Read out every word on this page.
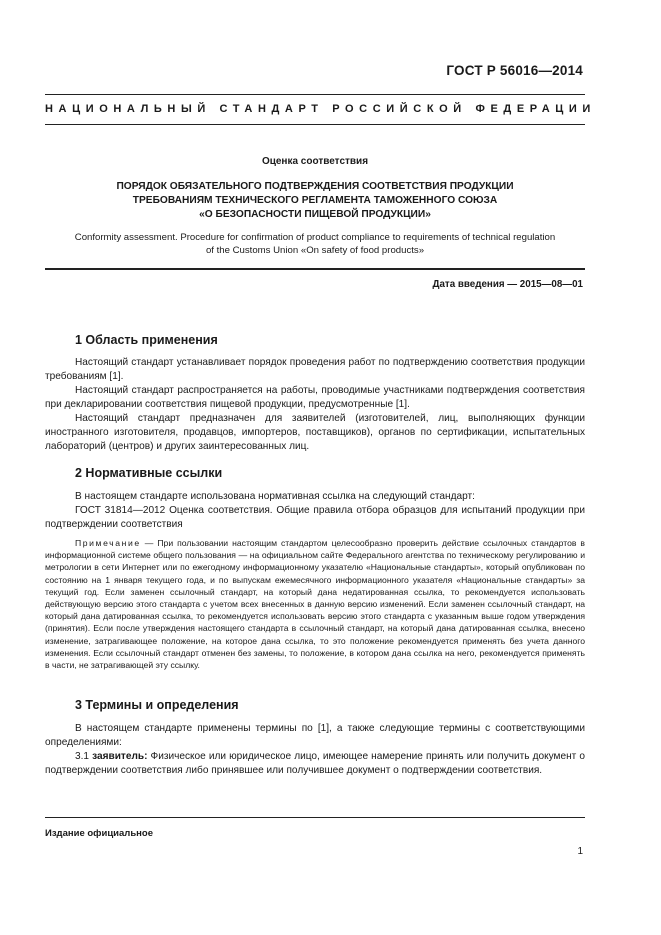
ГОСТ Р 56016—2014
НАЦИОНАЛЬНЫЙ СТАНДАРТ РОССИЙСКОЙ ФЕДЕРАЦИИ
Оценка соответствия
ПОРЯДОК ОБЯЗАТЕЛЬНОГО ПОДТВЕРЖДЕНИЯ СООТВЕТСТВИЯ ПРОДУКЦИИ
ТРЕБОВАНИЯМ ТЕХНИЧЕСКОГО РЕГЛАМЕНТА ТАМОЖЕННОГО СОЮЗА
«О БЕЗОПАСНОСТИ ПИЩЕВОЙ ПРОДУКЦИИ»
Conformity assessment. Procedure for confirmation of product compliance to requirements of technical regulation
of the Customs Union «On safety of food products»
Дата введения — 2015—08—01
1 Область применения

Настоящий стандарт устанавливает порядок проведения работ по подтверждению соответствия продукции требованиям [1].

Настоящий стандарт распространяется на работы, проводимые участниками подтверждения соответствия при декларировании соответствия пищевой продукции, предусмотренные [1].

Настоящий стандарт предназначен для заявителей (изготовителей, лиц, выполняющих функции иностранного изготовителя, продавцов, импортеров, поставщиков), органов по сертификации, испытательных лабораторий (центров) и других заинтересованных лиц.

2 Нормативные ссылки

В настоящем стандарте использована нормативная ссылка на следующий стандарт:

ГОСТ 31814—2012 Оценка соответствия. Общие правила отбора образцов для испытаний продукции при подтверждении соответствия

Примечание — При пользовании настоящим стандартом целесообразно проверить действие ссылочных стандартов в информационной системе общего пользования — на официальном сайте Федерального агентства по техническому регулированию и метрологии в сети Интернет или по ежегодному информационному указателю «Национальные стандарты», который опубликован по состоянию на 1 января текущего года, и по выпускам ежемесячного информационного указателя «Национальные стандарты» за текущий год. Если заменен ссылочный стандарт, на который дана недатированная ссылка, то рекомендуется использовать действующую версию этого стандарта с учетом всех внесенных в данную версию изменений. Если заменен ссылочный стандарт, на который дана датированная ссылка, то рекомендуется использовать версию этого стандарта с указанным выше годом утверждения (принятия). Если после утверждения настоящего стандарта в ссылочный стандарт, на который дана датированная ссылка, внесено изменение, затрагивающее положение, на которое дана ссылка, то это положение рекомендуется применять без учета данного изменения. Если ссылочный стандарт отменен без замены, то положение, в котором дана ссылка на него, рекомендуется применять в части, не затрагивающей эту ссылку.

3 Термины и определения

В настоящем стандарте применены термины по [1], а также следующие термины с соответствующими определениями:

3.1 заявитель: Физическое или юридическое лицо, имеющее намерение принять или получить документ о подтверждении соответствия либо принявшее или получившее документ о подтверждении соответствия.

Издание официальное
1
